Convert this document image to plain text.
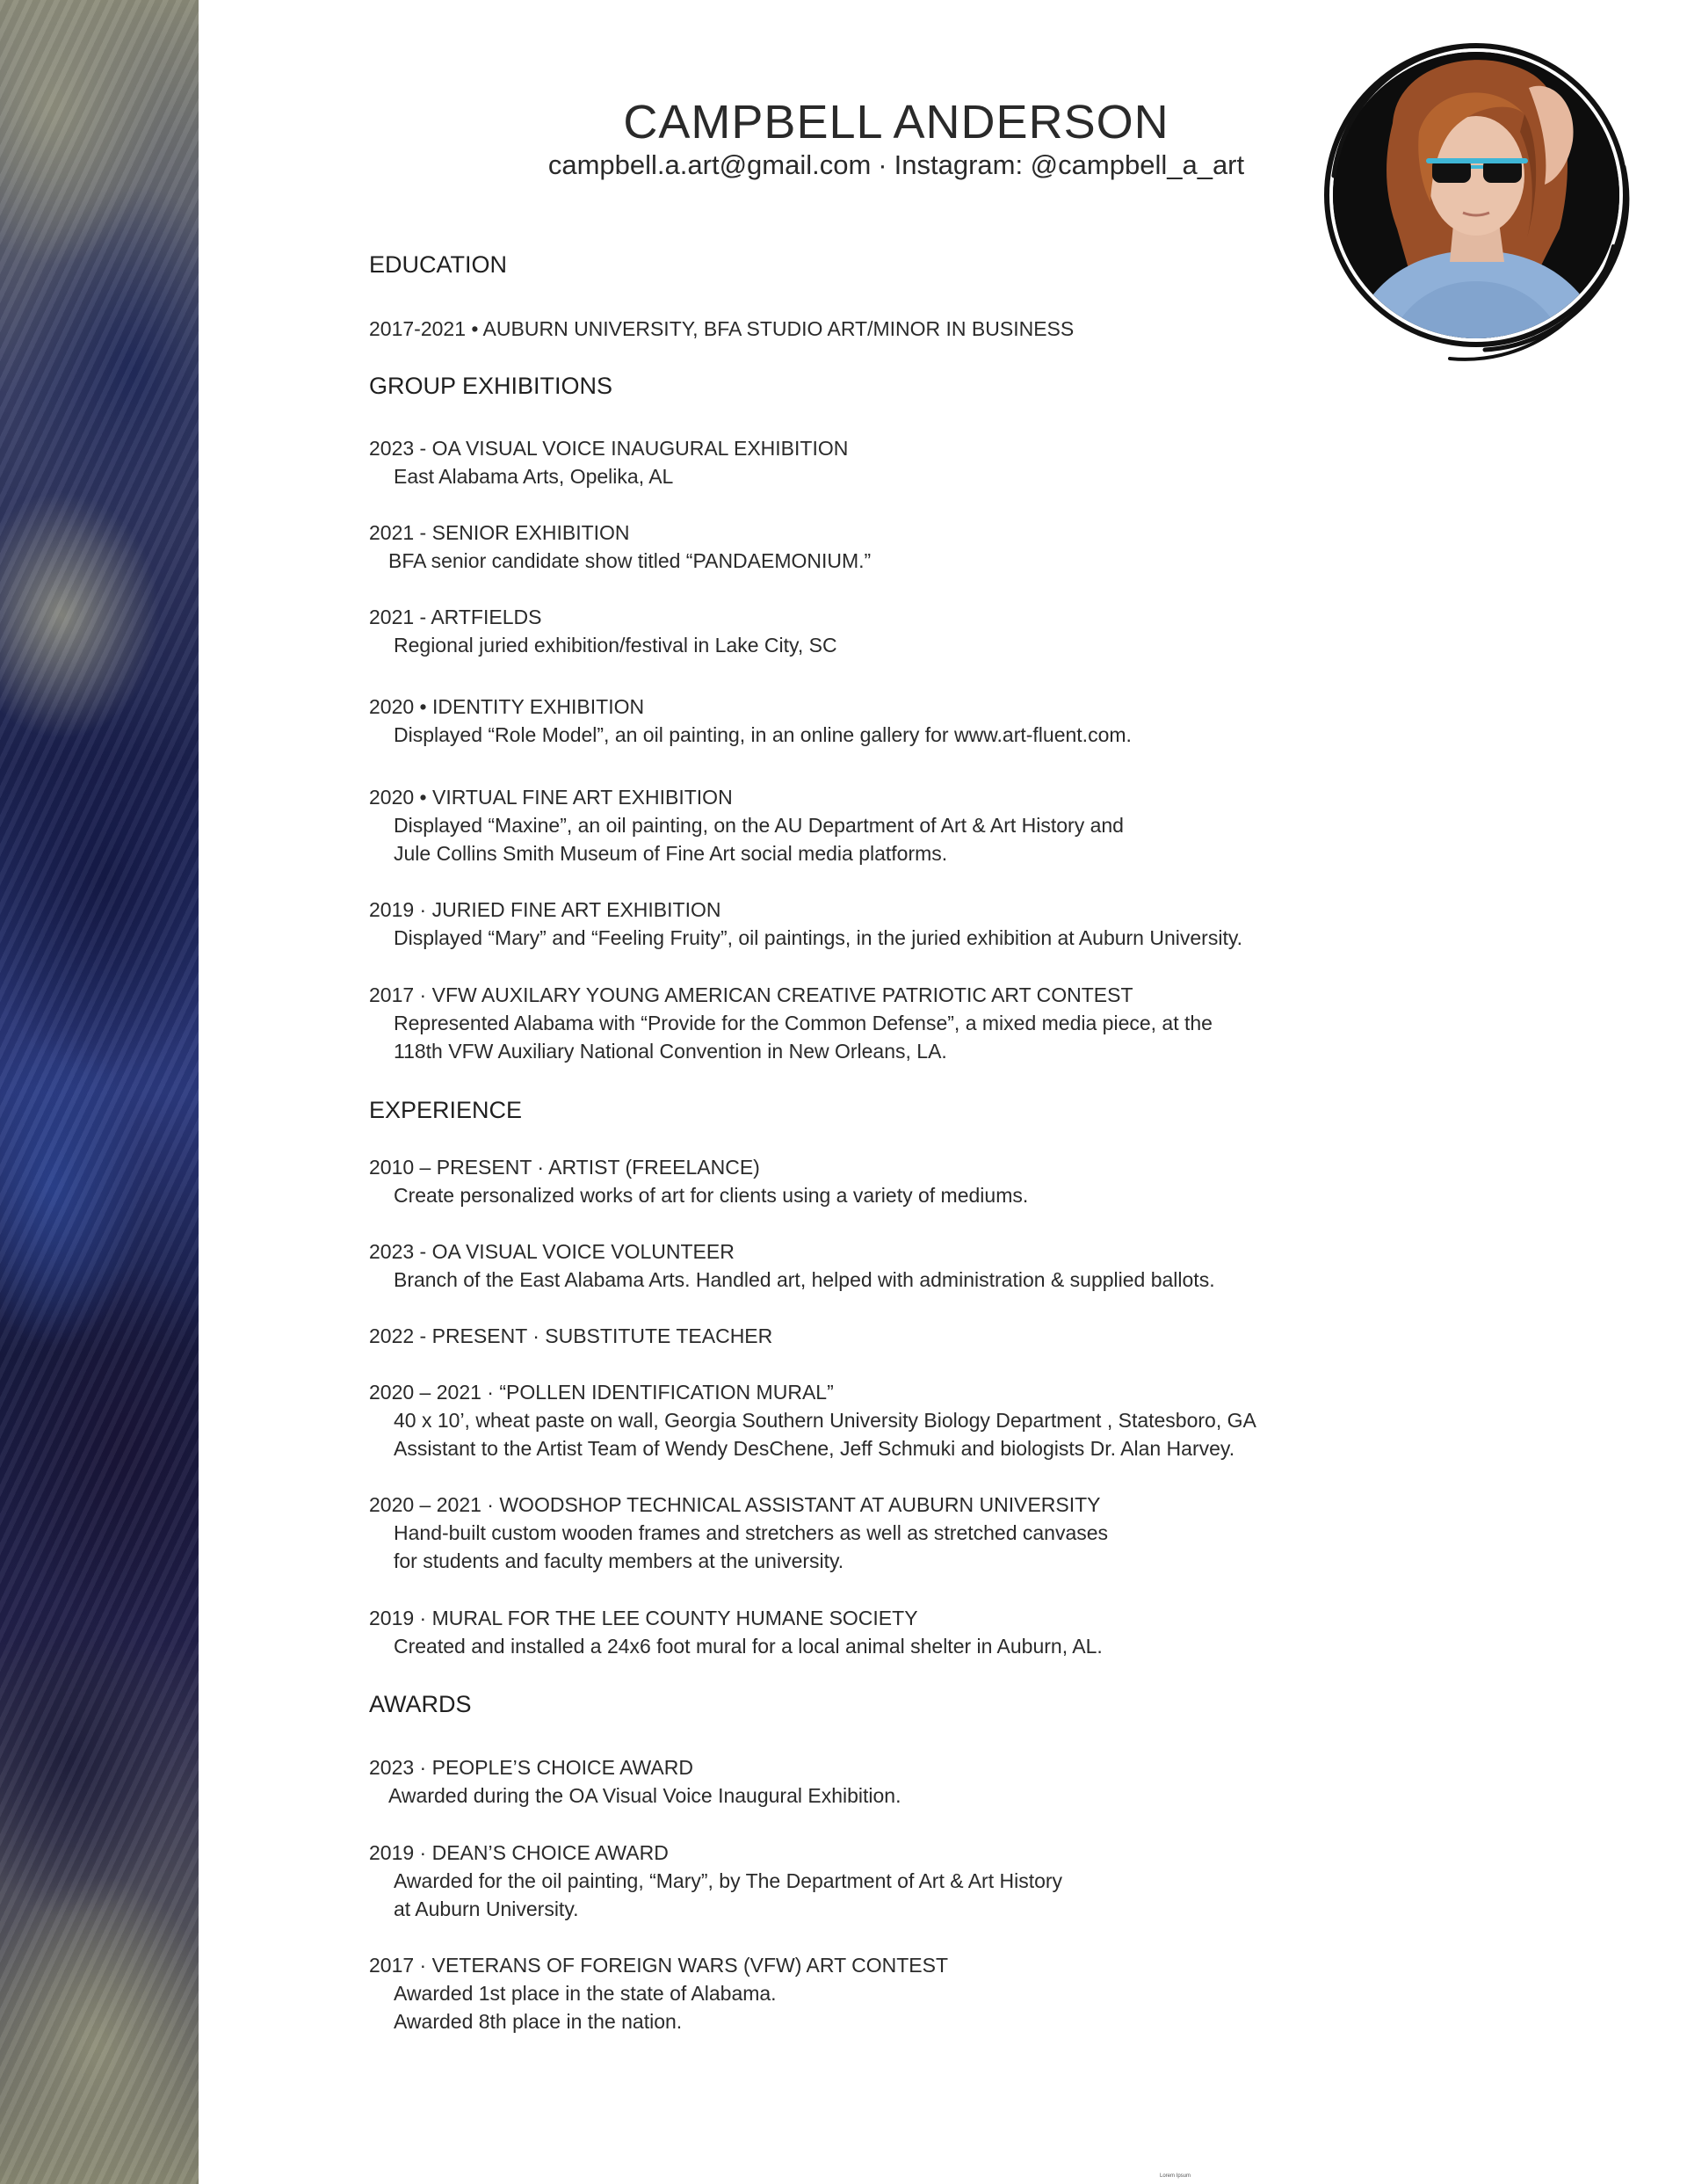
CAMPBELL ANDERSON
campbell.a.art@gmail.com · Instagram: @campbell_a_art
EDUCATION
2017-2021 • AUBURN UNIVERSITY, BFA STUDIO ART/MINOR IN BUSINESS
GROUP EXHIBITIONS
2023 - OA VISUAL VOICE INAUGURAL EXHIBITION
East Alabama Arts, Opelika, AL
2021 - SENIOR EXHIBITION
BFA senior candidate show titled “PANDAEMONIUM.”
2021 - ARTFIELDS
Regional juried exhibition/festival in Lake City, SC
2020 • IDENTITY EXHIBITION
Displayed “Role Model”, an oil painting, in an online gallery for www.art-fluent.com.
2020 • VIRTUAL FINE ART EXHIBITION
Displayed “Maxine”, an oil painting, on the AU Department of Art & Art History and
Jule Collins Smith Museum of Fine Art social media platforms.
2019 · JURIED FINE ART EXHIBITION
Displayed “Mary” and “Feeling Fruity”, oil paintings, in the juried exhibition at Auburn University.
2017 · VFW AUXILARY YOUNG AMERICAN CREATIVE PATRIOTIC ART CONTEST
Represented Alabama with “Provide for the Common Defense”, a mixed media piece, at the
118th VFW Auxiliary National Convention in New Orleans, LA.
EXPERIENCE
2010 – PRESENT · ARTIST (FREELANCE)
Create personalized works of art for clients using a variety of mediums.
2023 - OA VISUAL VOICE VOLUNTEER
Branch of the East Alabama Arts. Handled art, helped with administration & supplied ballots.
2022 - PRESENT · SUBSTITUTE TEACHER
2020 – 2021 · “POLLEN IDENTIFICATION MURAL”
40 x 10’, wheat paste on wall, Georgia Southern University Biology Department , Statesboro, GA
Assistant to the Artist Team of Wendy DesChene, Jeff Schmuki and biologists Dr. Alan Harvey.
2020 – 2021 · WOODSHOP TECHNICAL ASSISTANT AT AUBURN UNIVERSITY
Hand-built custom wooden frames and stretchers as well as stretched canvases
for students and faculty members at the university.
2019 · MURAL FOR THE LEE COUNTY HUMANE SOCIETY
Created and installed a 24x6 foot mural for a local animal shelter in Auburn, AL.
AWARDS
2023 · PEOPLE’S CHOICE AWARD
Awarded during the OA Visual Voice Inaugural Exhibition.
2019 · DEAN’S CHOICE AWARD
Awarded for the oil painting, “Mary”, by The Department of Art & Art History
at Auburn University.
2017 · VETERANS OF FOREIGN WARS (VFW) ART CONTEST
Awarded 1st place in the state of Alabama.
Awarded 8th place in the nation.
Lorem Ipsum
